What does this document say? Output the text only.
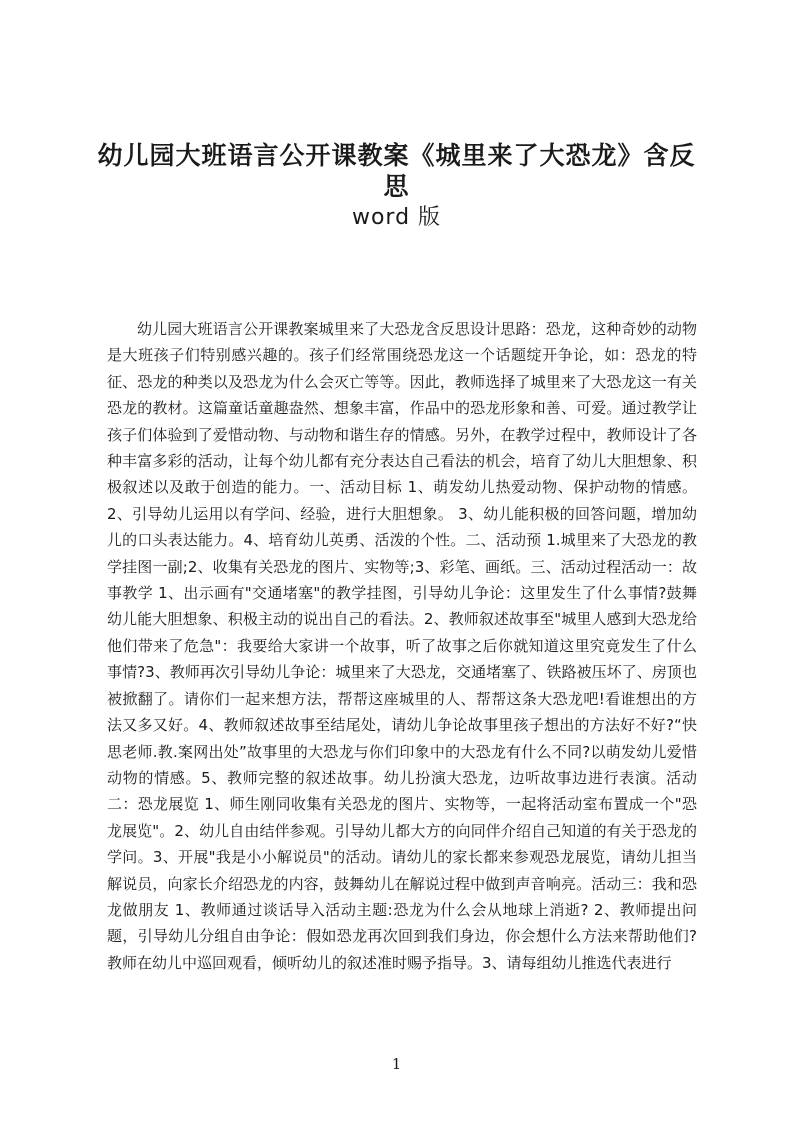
幼儿园大班语言公开课教案《城里来了大恐龙》含反思
word 版

幼儿园大班语言公开课教案城里来了大恐龙含反思设计思路：恐龙，这种奇妙的动物是大班孩子们特别感兴趣的。孩子们经常围绕恐龙这一个话题绽开争论，如：恐龙的特征、恐龙的种类以及恐龙为什么会灭亡等等。因此，教师选择了城里来了大恐龙这一有关恐龙的教材。这篇童话童趣盎然、想象丰富，作品中的恐龙形象和善、可爱。通过教学让孩子们体验到了爱惜动物、与动物和谐生存的情感。另外，在教学过程中，教师设计了各种丰富多彩的活动，让每个幼儿都有充分表达自己看法的机会，培育了幼儿大胆想象、积极叙述以及敢于创造的能力。一、活动目标 1、萌发幼儿热爱动物、保护动物的情感。2、引导幼儿运用以有学问、经验，进行大胆想象。 3、幼儿能积极的回答问题，增加幼儿的口头表达能力。4、培育幼儿英勇、活泼的个性。二、活动预 1.城里来了大恐龙的教学挂图一副;2、收集有关恐龙的图片、实物等;3、彩笔、画纸。三、活动过程活动一：故事教学 1、出示画有"交通堵塞"的教学挂图，引导幼儿争论：这里发生了什么事情?鼓舞幼儿能大胆想象、积极主动的说出自己的看法。2、教师叙述故事至"城里人感到大恐龙给他们带来了危急"：我要给大家讲一个故事，听了故事之后你就知道这里究竟发生了什么事情?3、教师再次引导幼儿争论：城里来了大恐龙，交通堵塞了、铁路被压坏了、房顶也被掀翻了。请你们一起来想方法，帮帮这座城里的人、帮帮这条大恐龙吧!看谁想出的方法又多又好。4、教师叙述故事至结尾处，请幼儿争论故事里孩子想出的方法好不好?“快思老师.教.案网出处”故事里的大恐龙与你们印象中的大恐龙有什么不同?以萌发幼儿爱惜动物的情感。5、教师完整的叙述故事。幼儿扮演大恐龙，边听故事边进行表演。活动二：恐龙展览 1、师生刚同收集有关恐龙的图片、实物等，一起将活动室布置成一个"恐龙展览"。2、幼儿自由结伴参观。引导幼儿都大方的向同伴介绍自己知道的有关于恐龙的学问。3、开展"我是小小解说员"的活动。请幼儿的家长都来参观恐龙展览，请幼儿担当解说员，向家长介绍恐龙的内容，鼓舞幼儿在解说过程中做到声音响亮。活动三：我和恐龙做朋友 1、教师通过谈话导入活动主题:恐龙为什么会从地球上消逝? 2、教师提出问题，引导幼儿分组自由争论：假如恐龙再次回到我们身边，你会想什么方法来帮助他们?教师在幼儿中巡回观看，倾听幼儿的叙述准时赐予指导。3、请每组幼儿推选代表进行

1
